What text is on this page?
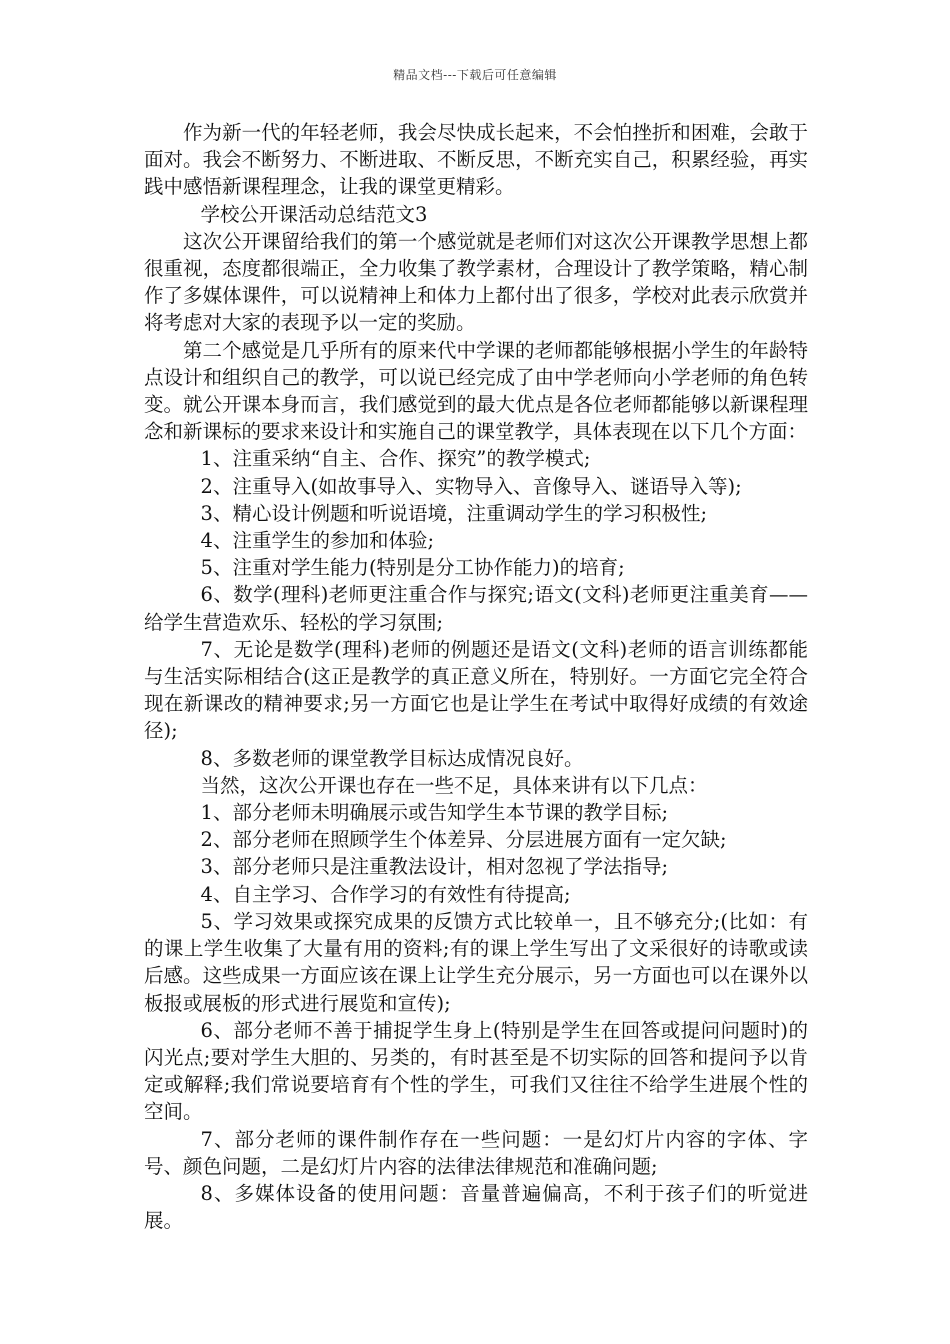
精品文档---下载后可任意编辑

作为新一代的年轻老师，我会尽快成长起来，不会怕挫折和困难，会敢于面对。我会不断努力、不断进取、不断反思，不断充实自己，积累经验，再实践中感悟新课程理念，让我的课堂更精彩。

学校公开课活动总结范文3

这次公开课留给我们的第一个感觉就是老师们对这次公开课教学思想上都很重视，态度都很端正，全力收集了教学素材，合理设计了教学策略，精心制作了多媒体课件，可以说精神上和体力上都付出了很多，学校对此表示欣赏并将考虑对大家的表现予以一定的奖励。

第二个感觉是几乎所有的原来代中学课的老师都能够根据小学生的年龄特点设计和组织自己的教学，可以说已经完成了由中学老师向小学老师的角色转变。就公开课本身而言，我们感觉到的最大优点是各位老师都能够以新课程理念和新课标的要求来设计和实施自己的课堂教学，具体表现在以下几个方面：

1、注重采纳“自主、合作、探究”的教学模式;

2、注重导入(如故事导入、实物导入、音像导入、谜语导入等);

3、精心设计例题和听说语境，注重调动学生的学习积极性;

4、注重学生的参加和体验;

5、注重对学生能力(特别是分工协作能力)的培育;

6、数学(理科)老师更注重合作与探究;语文(文科)老师更注重美育——给学生营造欢乐、轻松的学习氛围;

7、无论是数学(理科)老师的例题还是语文(文科)老师的语言训练都能与生活实际相结合(这正是教学的真正意义所在，特别好。一方面它完全符合现在新课改的精神要求;另一方面它也是让学生在考试中取得好成绩的有效途径);

8、多数老师的课堂教学目标达成情况良好。

当然，这次公开课也存在一些不足，具体来讲有以下几点：

1、部分老师未明确展示或告知学生本节课的教学目标;

2、部分老师在照顾学生个体差异、分层进展方面有一定欠缺;

3、部分老师只是注重教法设计，相对忽视了学法指导;

4、自主学习、合作学习的有效性有待提高;

5、学习效果或探究成果的反馈方式比较单一，且不够充分;(比如：有的课上学生收集了大量有用的资料;有的课上学生写出了文采很好的诗歌或读后感。这些成果一方面应该在课上让学生充分展示，另一方面也可以在课外以板报或展板的形式进行展览和宣传);

6、部分老师不善于捕捉学生身上(特别是学生在回答或提问问题时)的闪光点;要对学生大胆的、另类的，有时甚至是不切实际的回答和提问予以肯定或解释;我们常说要培育有个性的学生，可我们又往往不给学生进展个性的空间。

7、部分老师的课件制作存在一些问题：一是幻灯片内容的字体、字号、颜色问题，二是幻灯片内容的法律法律规范和准确问题;

8、多媒体设备的使用问题：音量普遍偏高，不利于孩子们的听觉进展。
